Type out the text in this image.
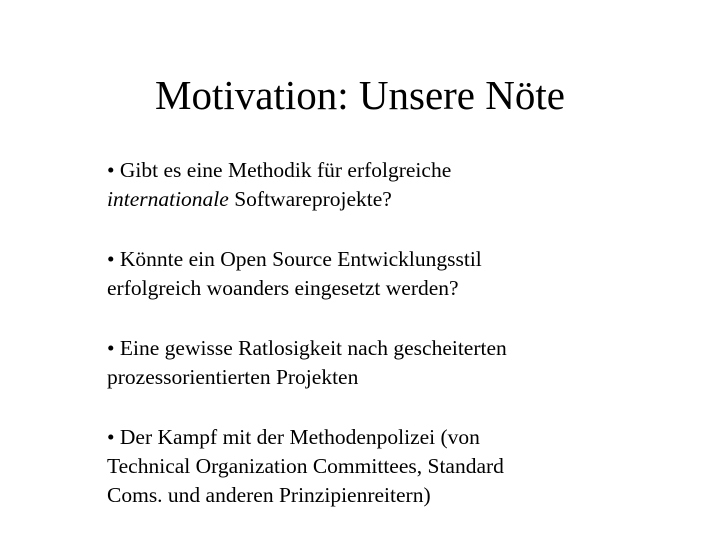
Motivation: Unsere Nöte
• Gibt es eine Methodik für erfolgreiche
internationale Softwareprojekte?
• Könnte ein Open Source Entwicklungsstil
erfolgreich woanders eingesetzt werden?
• Eine gewisse Ratlosigkeit nach gescheiterten
prozessorientierten Projekten
• Der Kampf mit der Methodenpolizei (von
Technical Organization Committees, Standard
Coms. und anderen Prinzipienreitern)
